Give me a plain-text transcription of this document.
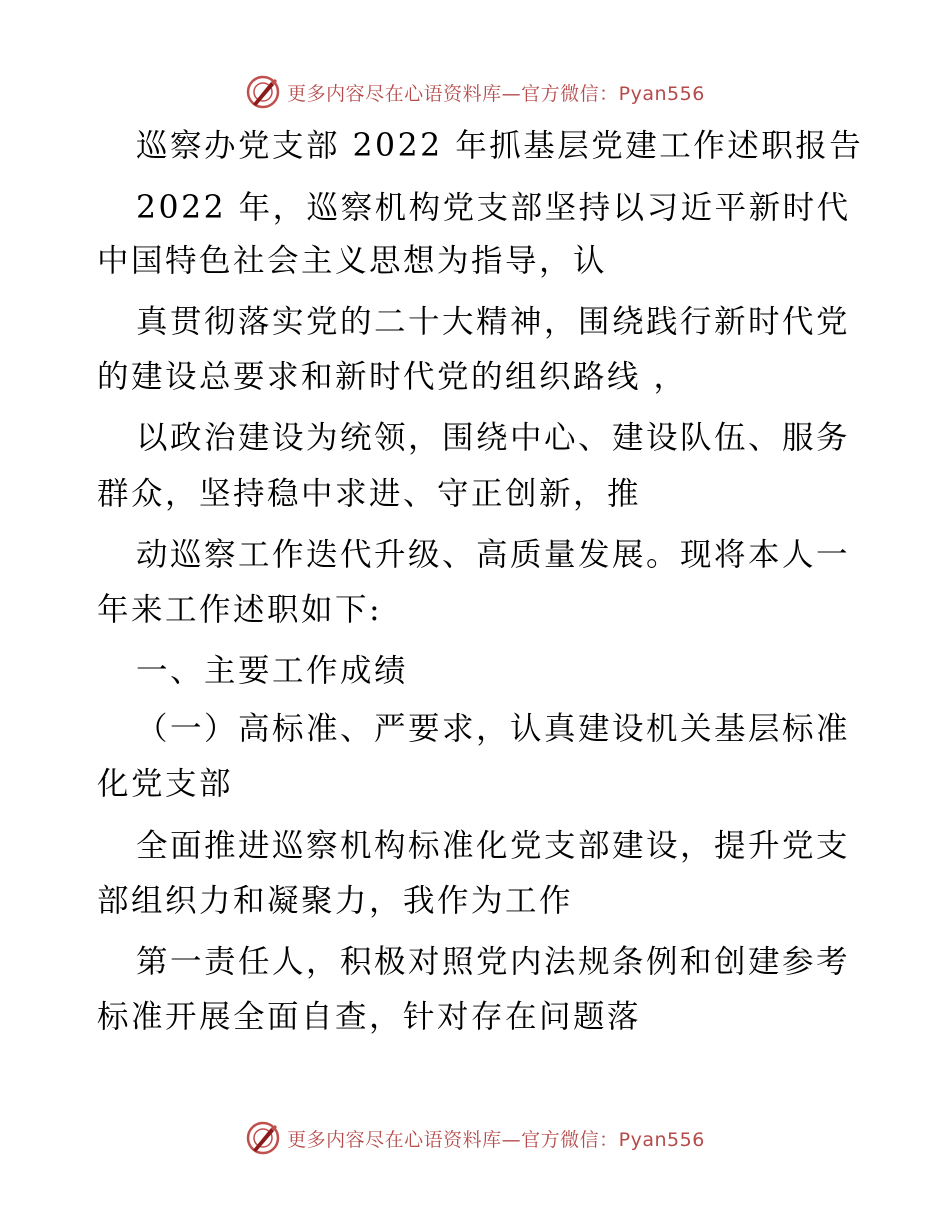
更多内容尽在心语资料库—官方微信：Pyan556
巡察办党支部 2022 年抓基层党建工作述职报告
2022 年，巡察机构党支部坚持以习近平新时代
中国特色社会主义思想为指导，认
真贯彻落实党的二十大精神，围绕践行新时代党
的建设总要求和新时代党的组织路线 ，
以政治建设为统领，围绕中心、建设队伍、服务
群众，坚持稳中求进、守正创新，推
动巡察工作迭代升级、高质量发展。现将本人一
年来工作述职如下:
一、主要工作成绩
（一）高标准、严要求，认真建设机关基层标准
化党支部
全面推进巡察机构标准化党支部建设，提升党支
部组织力和凝聚力，我作为工作
第一责任人，积极对照党内法规条例和创建参考
标准开展全面自查，针对存在问题落
更多内容尽在心语资料库—官方微信：Pyan556
